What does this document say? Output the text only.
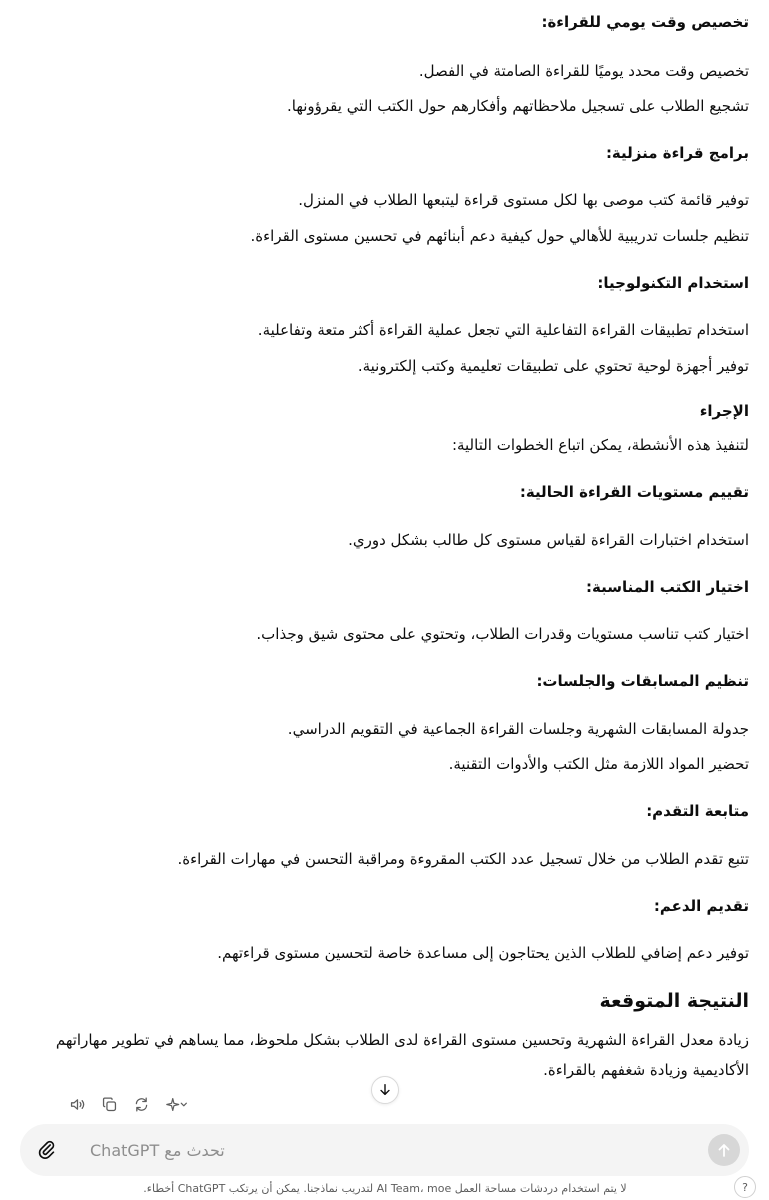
تخصيص وقت يومي للقراءة:
تخصيص وقت محدد يوميًا للقراءة الصامتة في الفصل.
تشجيع الطلاب على تسجيل ملاحظاتهم وأفكارهم حول الكتب التي يقرؤونها.
برامج قراءة منزلية:
توفير قائمة كتب موصى بها لكل مستوى قراءة ليتبعها الطلاب في المنزل.
تنظيم جلسات تدريبية للأهالي حول كيفية دعم أبنائهم في تحسين مستوى القراءة.
استخدام التكنولوجيا:
استخدام تطبيقات القراءة التفاعلية التي تجعل عملية القراءة أكثر متعة وتفاعلية.
توفير أجهزة لوحية تحتوي على تطبيقات تعليمية وكتب إلكترونية.
الإجراء
لتنفيذ هذه الأنشطة، يمكن اتباع الخطوات التالية:
تقييم مستويات القراءة الحالية:
استخدام اختبارات القراءة لقياس مستوى كل طالب بشكل دوري.
اختيار الكتب المناسبة:
اختيار كتب تناسب مستويات وقدرات الطلاب، وتحتوي على محتوى شيق وجذاب.
تنظيم المسابقات والجلسات:
جدولة المسابقات الشهرية وجلسات القراءة الجماعية في التقويم الدراسي.
تحضير المواد اللازمة مثل الكتب والأدوات التقنية.
متابعة التقدم:
تتبع تقدم الطلاب من خلال تسجيل عدد الكتب المقروءة ومراقبة التحسن في مهارات القراءة.
تقديم الدعم:
توفير دعم إضافي للطلاب الذين يحتاجون إلى مساعدة خاصة لتحسين مستوى قراءتهم.
النتيجة المتوقعة
زيادة معدل القراءة الشهرية وتحسين مستوى القراءة لدى الطلاب بشكل ملحوظ، مما يساهم في تطوير مهاراتهم الأكاديمية وزيادة شغفهم بالقراءة.
تحدث مع ChatGPT
لا يتم استخدام دردشات مساحة العمل AI Team، moe لتدريب نماذجنا. يمكن أن يرتكب ChatGPT أخطاء.	?
